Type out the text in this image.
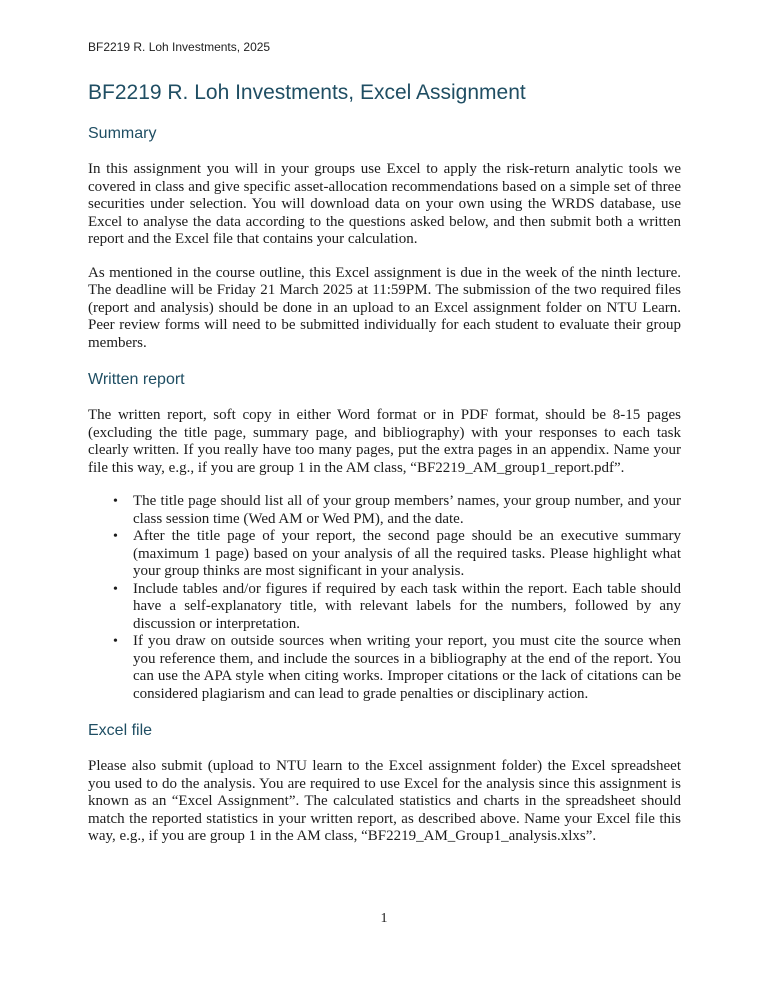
BF2219 R. Loh Investments, 2025
BF2219 R. Loh Investments, Excel Assignment
Summary

In this assignment you will in your groups use Excel to apply the risk-return analytic tools we covered in class and give specific asset-allocation recommendations based on a simple set of three securities under selection. You will download data on your own using the WRDS database, use Excel to analyse the data according to the questions asked below, and then submit both a written report and the Excel file that contains your calculation.

As mentioned in the course outline, this Excel assignment is due in the week of the ninth lecture. The deadline will be Friday 21 March 2025 at 11:59PM. The submission of the two required files (report and analysis) should be done in an upload to an Excel assignment folder on NTU Learn. Peer review forms will need to be submitted individually for each student to evaluate their group members.

Written report

The written report, soft copy in either Word format or in PDF format, should be 8-15 pages (excluding the title page, summary page, and bibliography) with your responses to each task clearly written. If you really have too many pages, put the extra pages in an appendix. Name your file this way, e.g., if you are group 1 in the AM class, “BF2219_AM_group1_report.pdf”.

• The title page should list all of your group members’ names, your group number, and your class session time (Wed AM or Wed PM), and the date.
• After the title page of your report, the second page should be an executive summary (maximum 1 page) based on your analysis of all the required tasks. Please highlight what your group thinks are most significant in your analysis.
• Include tables and/or figures if required by each task within the report. Each table should have a self-explanatory title, with relevant labels for the numbers, followed by any discussion or interpretation.
• If you draw on outside sources when writing your report, you must cite the source when you reference them, and include the sources in a bibliography at the end of the report. You can use the APA style when citing works. Improper citations or the lack of citations can be considered plagiarism and can lead to grade penalties or disciplinary action.
Excel file

Please also submit (upload to NTU learn to the Excel assignment folder) the Excel spreadsheet you used to do the analysis. You are required to use Excel for the analysis since this assignment is known as an “Excel Assignment”. The calculated statistics and charts in the spreadsheet should match the reported statistics in your written report, as described above. Name your Excel file this way, e.g., if you are group 1 in the AM class, “BF2219_AM_Group1_analysis.xlxs”.

1
